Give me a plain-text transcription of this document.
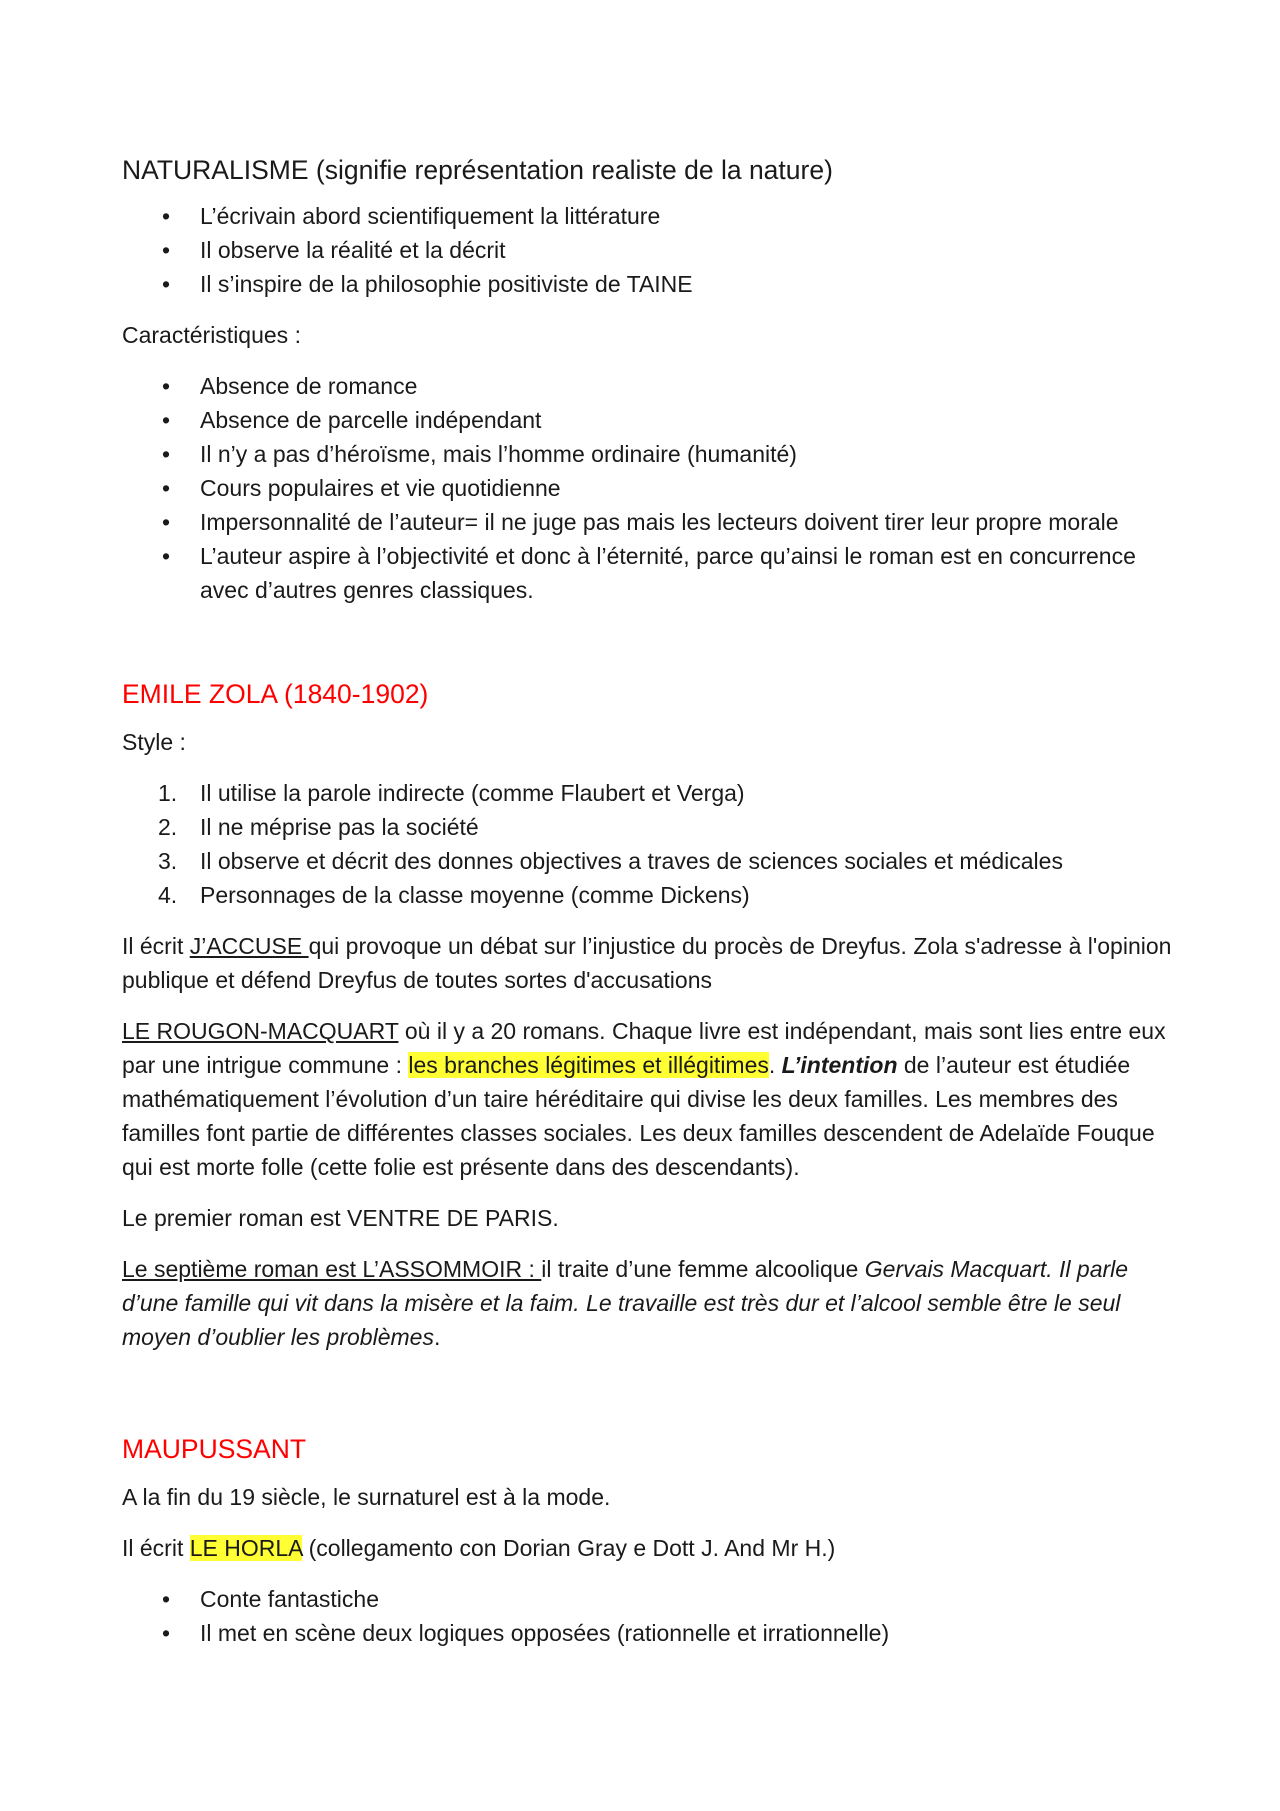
NATURALISME (signifie représentation realiste de la nature)
•	L’écrivain abord scientifiquement la littérature
•	Il observe la réalité et la décrit
•	Il s’inspire de la philosophie positiviste de TAINE

Caractéristiques :

•	Absence de romance
•	Absence de parcelle indépendant
•	Il n’y a pas d’héroïsme, mais l’homme ordinaire (humanité)
•	Cours populaires et vie quotidienne
•	Impersonnalité de l’auteur= il ne juge pas mais les lecteurs doivent tirer leur propre morale
•	L’auteur aspire à l’objectivité et donc à l’éternité, parce qu’ainsi le roman est en concurrence avec d’autres genres classiques.
EMILE ZOLA (1840-1902)

Style :

1. Il utilise la parole indirecte (comme Flaubert et Verga)
2. Il ne méprise pas la société
3. Il observe et décrit des donnes objectives a traves de sciences sociales et médicales
4. Personnages de la classe moyenne (comme Dickens)

Il écrit J’ACCUSE qui provoque un débat sur l’injustice du procès de Dreyfus. Zola s'adresse à l'opinion publique et défend Dreyfus de toutes sortes d'accusations

LE ROUGON-MACQUART où il y a 20 romans. Chaque livre est indépendant, mais sont lies entre eux par une intrigue commune : les branches légitimes et illégitimes. L’intention de l’auteur est étudiée mathématiquement l’évolution d’un taire héréditaire qui divise les deux familles. Les membres des familles font partie de différentes classes sociales. Les deux familles descendent de Adelaïde Fouque qui est morte folle (cette folie est présente dans des descendants).

Le premier roman est VENTRE DE PARIS.

Le septième roman est L’ASSOMMOIR : il traite d’une femme alcoolique Gervais Macquart. Il parle d’une famille qui vit dans la misère et la faim. Le travaille est très dur et l’alcool semble être le seul moyen d’oublier les problèmes.

MAUPUSSANT

A la fin du 19 siècle, le surnaturel est à la mode.

Il écrit LE HORLA (collegamento con Dorian Gray e Dott J. And Mr H.)

•	Conte fantastiche
•	Il met en scène deux logiques opposées (rationnelle et irrationnelle)
